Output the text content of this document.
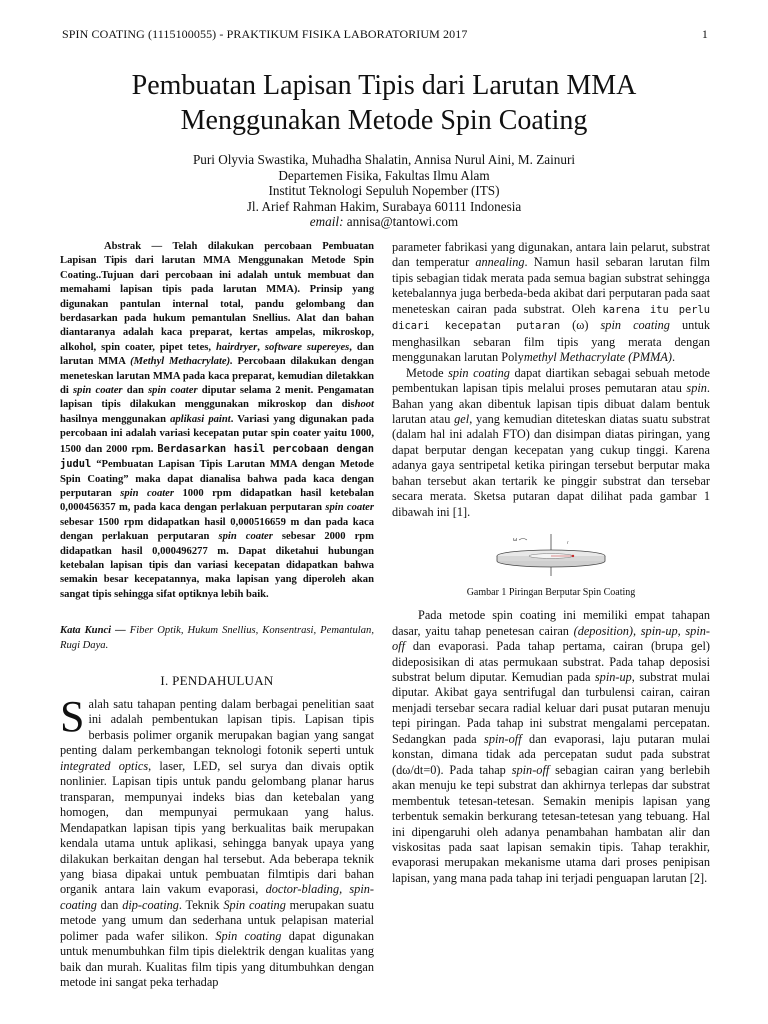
SPIN COATING (1115100055) - PRAKTIKUM FISIKA LABORATORIUM 2017	1
Pembuatan Lapisan Tipis dari Larutan MMA
Menggunakan Metode Spin Coating
Puri Olyvia Swastika, Muhadha Shalatin, Annisa Nurul Aini, M. Zainuri
Departemen Fisika, Fakultas Ilmu Alam
Institut Teknologi Sepuluh Nopember (ITS)
Jl. Arief Rahman Hakim, Surabaya 60111 Indonesia
email: annisa@tantowi.com

Abstrak — Telah dilakukan percobaan Pembuatan Lapisan Tipis dari larutan MMA Menggunakan Metode Spin Coating..Tujuan dari percobaan ini adalah untuk membuat dan memahami lapisan tipis pada larutan MMA). Prinsip yang digunakan pantulan internal total, pandu gelombang dan berdasarkan pada hukum pemantulan Snellius. Alat dan bahan diantaranya adalah kaca preparat, kertas ampelas, mikroskop, alkohol, spin coater, pipet tetes, hairdryer, software supereyes, dan larutan MMA (Methyl Methacrylate). Percobaan dilakukan dengan meneteskan larutan MMA pada kaca preparat, kemudian diletakkan di spin coater dan spin coater diputar selama 2 menit. Pengamatan lapisan tipis dilakukan menggunakan mikroskop dan dishoot hasilnya menggunakan aplikasi paint. Variasi yang digunakan pada percobaan ini adalah variasi kecepatan putar spin coater yaitu 1000, 1500 dan 2000 rpm. Berdasarkan hasil percobaan dengan judul “Pembuatan Lapisan Tipis Larutan MMA dengan Metode Spin Coating” maka dapat dianalisa bahwa pada kaca dengan perputaran spin coater 1000 rpm didapatkan hasil ketebalan 0,000456357 m, pada kaca dengan perlakuan perputaran spin coater sebesar 1500 rpm didapatkan hasil 0,000516659 m dan pada kaca dengan perlakuan perputaran spin coater sebesar 2000 rpm didapatkan hasil 0,000496277 m. Dapat diketahui hubungan ketebalan lapisan tipis dan variasi kecepatan didapatkan bahwa semakin besar kecepatannya, maka lapisan yang diperoleh akan sangat tipis sehingga sifat optiknya lebih baik.

Kata Kunci — Fiber Optik, Hukum Snellius, Konsentrasi, Pemantulan, Rugi Daya.

I. PENDAHULUAN

Salah satu tahapan penting dalam berbagai penelitian saat ini adalah pembentukan lapisan tipis. Lapisan tipis berbasis polimer organik merupakan bagian yang sangat penting dalam perkembangan teknologi fotonik seperti untuk integrated optics, laser, LED, sel surya dan divais optik nonlinier. Lapisan tipis untuk pandu gelombang planar harus transparan, mempunyai indeks bias dan ketebalan yang homogen, dan mempunyai permukaan yang halus. Mendapatkan lapisan tipis yang berkualitas baik merupakan kendala utama untuk aplikasi, sehingga banyak upaya yang dilakukan berkaitan dengan hal tersebut. Ada beberapa teknik yang biasa dipakai untuk pembuatan filmtipis dari bahan organik antara lain vakum evaporasi, doctor-blading, spin-coating dan dip-coating. Teknik Spin coating merupakan suatu metode yang umum dan sederhana untuk pelapisan material polimer pada wafer silikon. Spin coating dapat digunakan untuk menumbuhkan film tipis dielektrik dengan kualitas yang baik dan murah. Kualitas film tipis yang ditumbuhkan dengan metode ini sangat peka terhadap

parameter fabrikasi yang digunakan, antara lain pelarut, substrat dan temperatur annealing. Namun hasil sebaran larutan film tipis sebagian tidak merata pada semua bagian substrat sehingga ketebalannya juga berbeda-beda akibat dari perputaran pada saat meneteskan cairan pada substrat. Oleh karena itu perlu dicari kecepatan putaran (ω) spin coating untuk menghasilkan sebaran film tipis yang merata dengan menggunakan larutan Polymethyl Methacrylate (PMMA).

Metode spin coating dapat diartikan sebagai sebuah metode pembentukan lapisan tipis melalui proses pemutaran atau spin. Bahan yang akan dibentuk lapisan tipis dibuat dalam bentuk larutan atau gel, yang kemudian diteteskan diatas suatu substrat (dalam hal ini adalah FTO) dan disimpan diatas piringan, yang dapat berputar dengan kecepatan yang cukup tinggi. Karena adanya gaya sentripetal ketika piringan tersebut berputar maka bahan tersebut akan tertarik ke pinggir substrat dan tersebar secara merata. Sketsa putaran dapat dilihat pada gambar 1 dibawah ini [1].

ω	r
Gambar 1 Piringan Berputar Spin Coating

Pada metode spin coating ini memiliki empat tahapan dasar, yaitu tahap penetesan cairan (deposition), spin-up, spin-off dan evaporasi. Pada tahap pertama, cairan (brupa gel) dideposisikan di atas permukaan substrat. Pada tahap deposisi substrat belum diputar. Kemudian pada spin-up, substrat mulai diputar. Akibat gaya sentrifugal dan turbulensi cairan, cairan menjadi tersebar secara radial keluar dari pusat putaran menuju tepi piringan. Pada tahap ini substrat mengalami percepatan. Sedangkan pada spin-off dan evaporasi, laju putaran mulai konstan, dimana tidak ada percepatan sudut pada substrat (dω/dt=0). Pada tahap spin-off sebagian cairan yang berlebih akan menuju ke tepi substrat dan akhirnya terlepas dar substrat membentuk tetesan-tetesan. Semakin menipis lapisan yang terbentuk semakin berkurang tetesan-tetesan yang tebuang. Hal ini dipengaruhi oleh adanya penambahan hambatan alir dan viskositas pada saat lapisan semakin tipis. Tahap terakhir, evaporasi merupakan mekanisme utama dari proses penipisan lapisan, yang mana pada tahap ini terjadi penguapan larutan [2].
